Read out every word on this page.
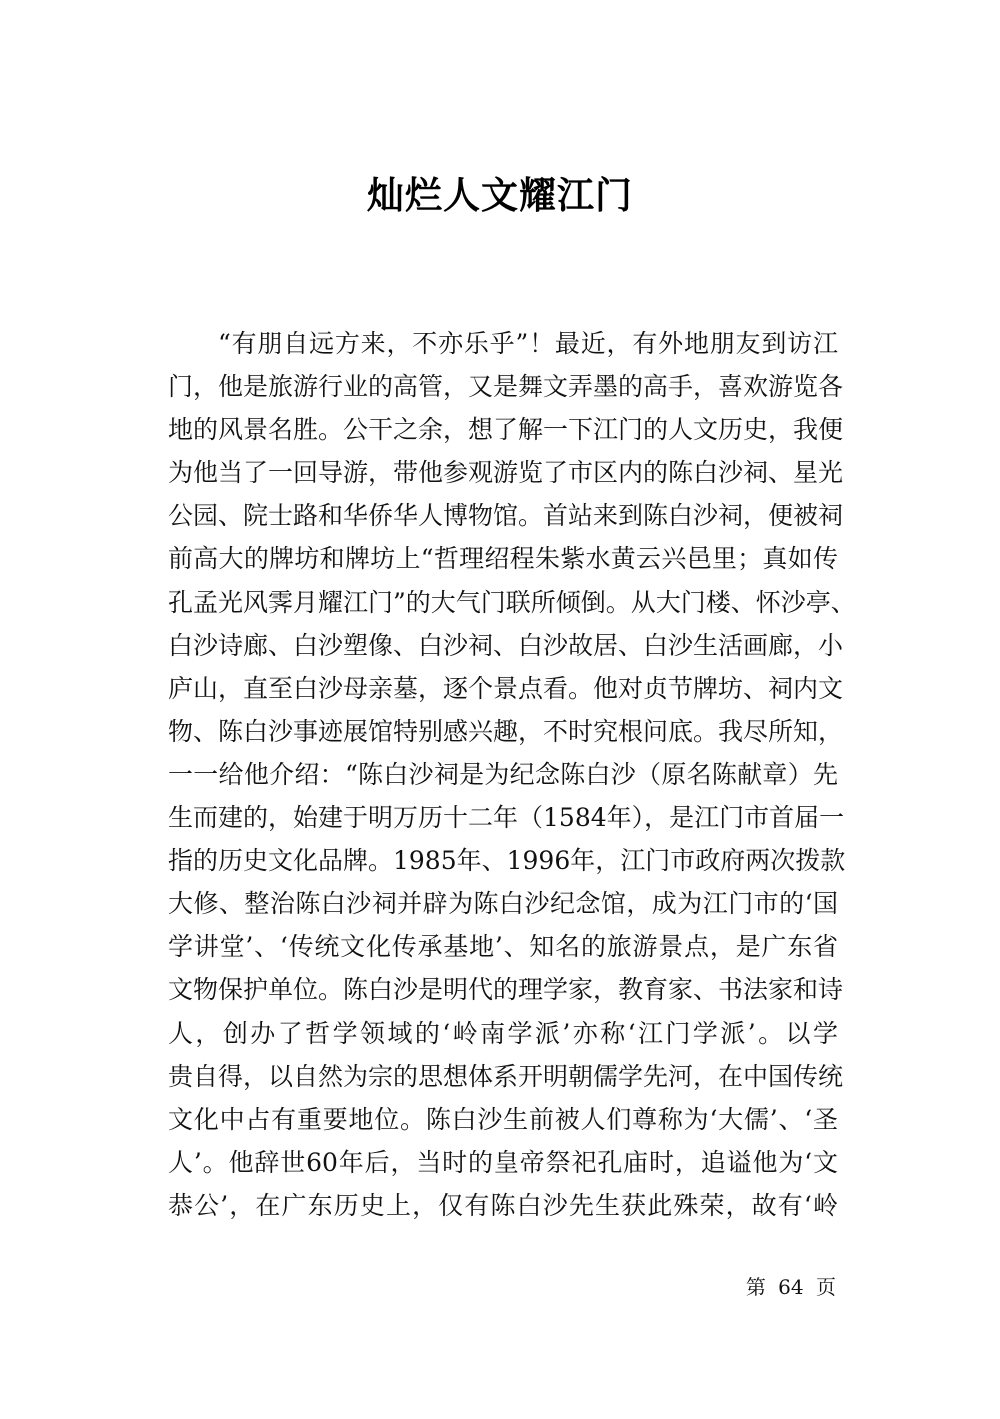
灿烂人文耀江门
“有朋自远方来，不亦乐乎”！最近，有外地朋友到访江
门，他是旅游行业的高管，又是舞文弄墨的高手，喜欢游览各
地的风景名胜。公干之余，想了解一下江门的人文历史，我便
为他当了一回导游，带他参观游览了市区内的陈白沙祠、星光
公园、院士路和华侨华人博物馆。首站来到陈白沙祠，便被祠
前高大的牌坊和牌坊上“哲理绍程朱紫水黄云兴邑里；真如传
孔孟光风霁月耀江门”的大气门联所倾倒。从大门楼、怀沙亭、
白沙诗廊、白沙塑像、白沙祠、白沙故居、白沙生活画廊，小
庐山，直至白沙母亲墓，逐个景点看。他对贞节牌坊、祠内文
物、陈白沙事迹展馆特别感兴趣，不时究根问底。我尽所知，
一一给他介绍：“陈白沙祠是为纪念陈白沙（原名陈献章）先
生而建的，始建于明万历十二年（1584年），是江门市首届一
指的历史文化品牌。1985年、1996年，江门市政府两次拨款
大修、整治陈白沙祠并辟为陈白沙纪念馆，成为江门市的‘国
学讲堂’、‘传统文化传承基地’、知名的旅游景点，是广东省
文物保护单位。陈白沙是明代的理学家，教育家、书法家和诗
人，创办了哲学领域的‘岭南学派’亦称‘江门学派’。以学
贵自得，以自然为宗的思想体系开明朝儒学先河，在中国传统
文化中占有重要地位。陈白沙生前被人们尊称为‘大儒’、‘圣
人’。他辞世60年后，当时的皇帝祭祀孔庙时，追谥他为‘文
恭公’，在广东历史上，仅有陈白沙先生获此殊荣，故有‘岭
第 64 页
